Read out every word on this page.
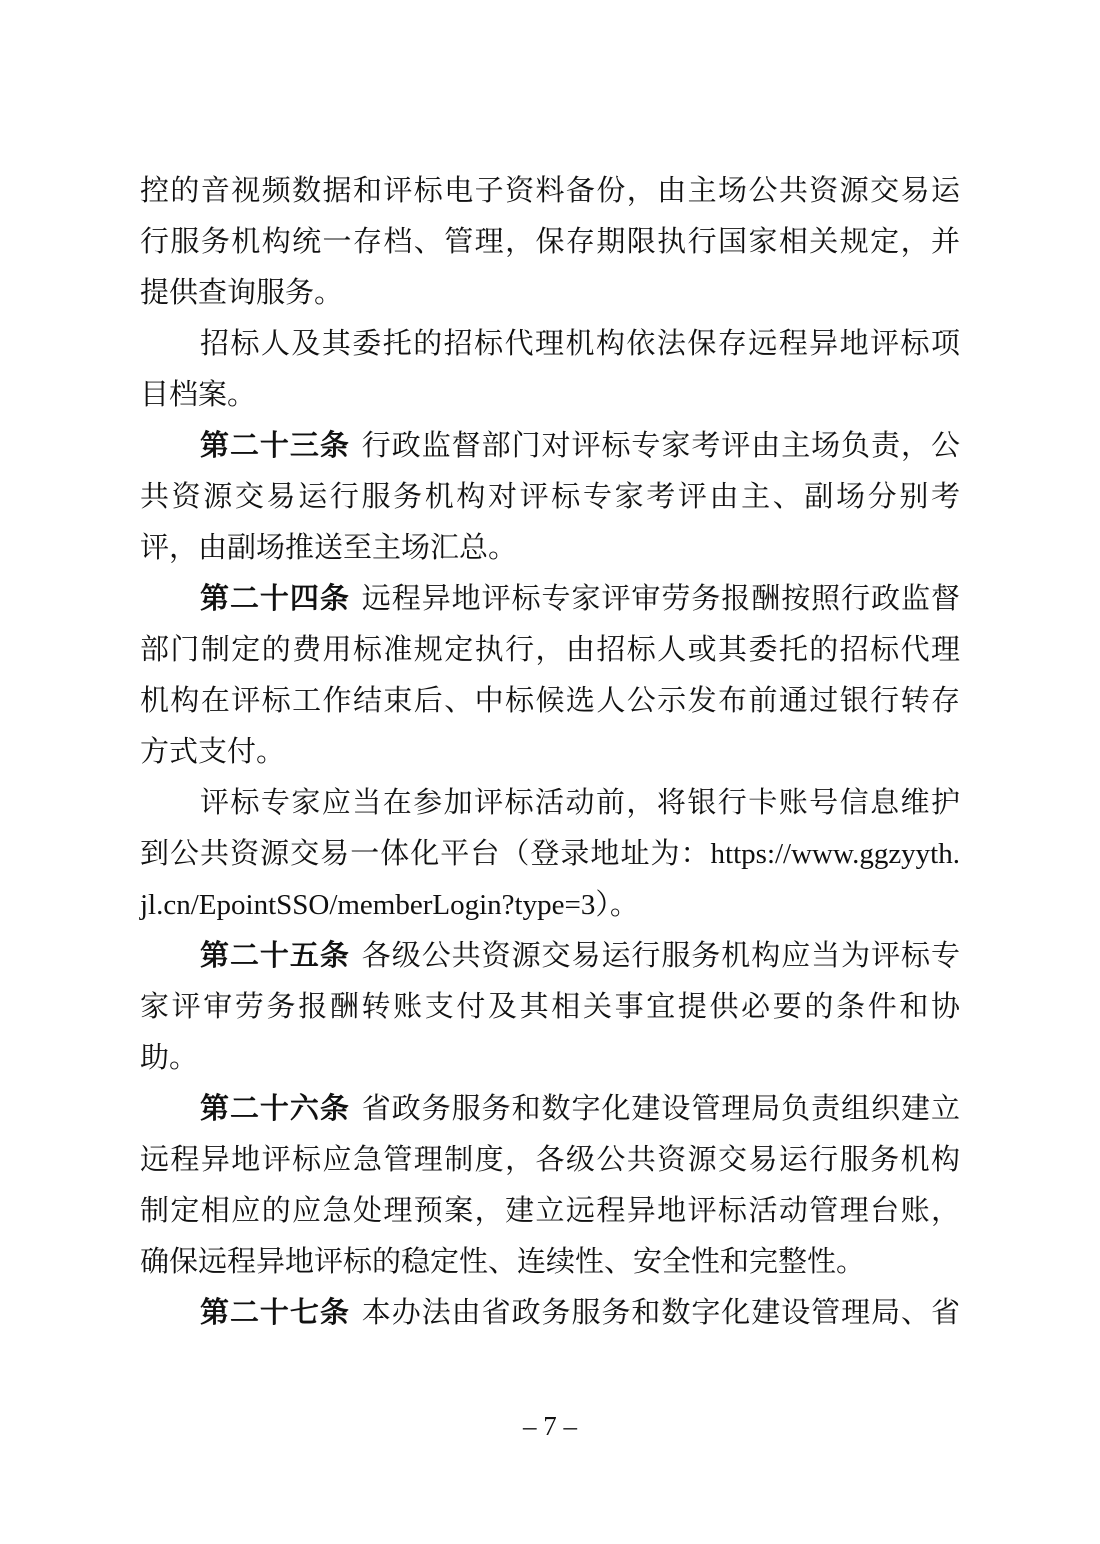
控的音视频数据和评标电子资料备份，由主场公共资源交易运
行服务机构统一存档、管理，保存期限执行国家相关规定，并
提供查询服务。
招标人及其委托的招标代理机构依法保存远程异地评标项
目档案。
第二十三条 行政监督部门对评标专家考评由主场负责，公
共资源交易运行服务机构对评标专家考评由主、副场分别考
评，由副场推送至主场汇总。
第二十四条 远程异地评标专家评审劳务报酬按照行政监督
部门制定的费用标准规定执行，由招标人或其委托的招标代理
机构在评标工作结束后、中标候选人公示发布前通过银行转存
方式支付。
评标专家应当在参加评标活动前，将银行卡账号信息维护
到公共资源交易一体化平台（登录地址为：https://www.ggzyyth.
jl.cn/EpointSSO/memberLogin?type=3）。
第二十五条 各级公共资源交易运行服务机构应当为评标专
家评审劳务报酬转账支付及其相关事宜提供必要的条件和协
助。
第二十六条 省政务服务和数字化建设管理局负责组织建立
远程异地评标应急管理制度，各级公共资源交易运行服务机构
制定相应的应急处理预案，建立远程异地评标活动管理台账，
确保远程异地评标的稳定性、连续性、安全性和完整性。
第二十七条 本办法由省政务服务和数字化建设管理局、省
– 7 –
